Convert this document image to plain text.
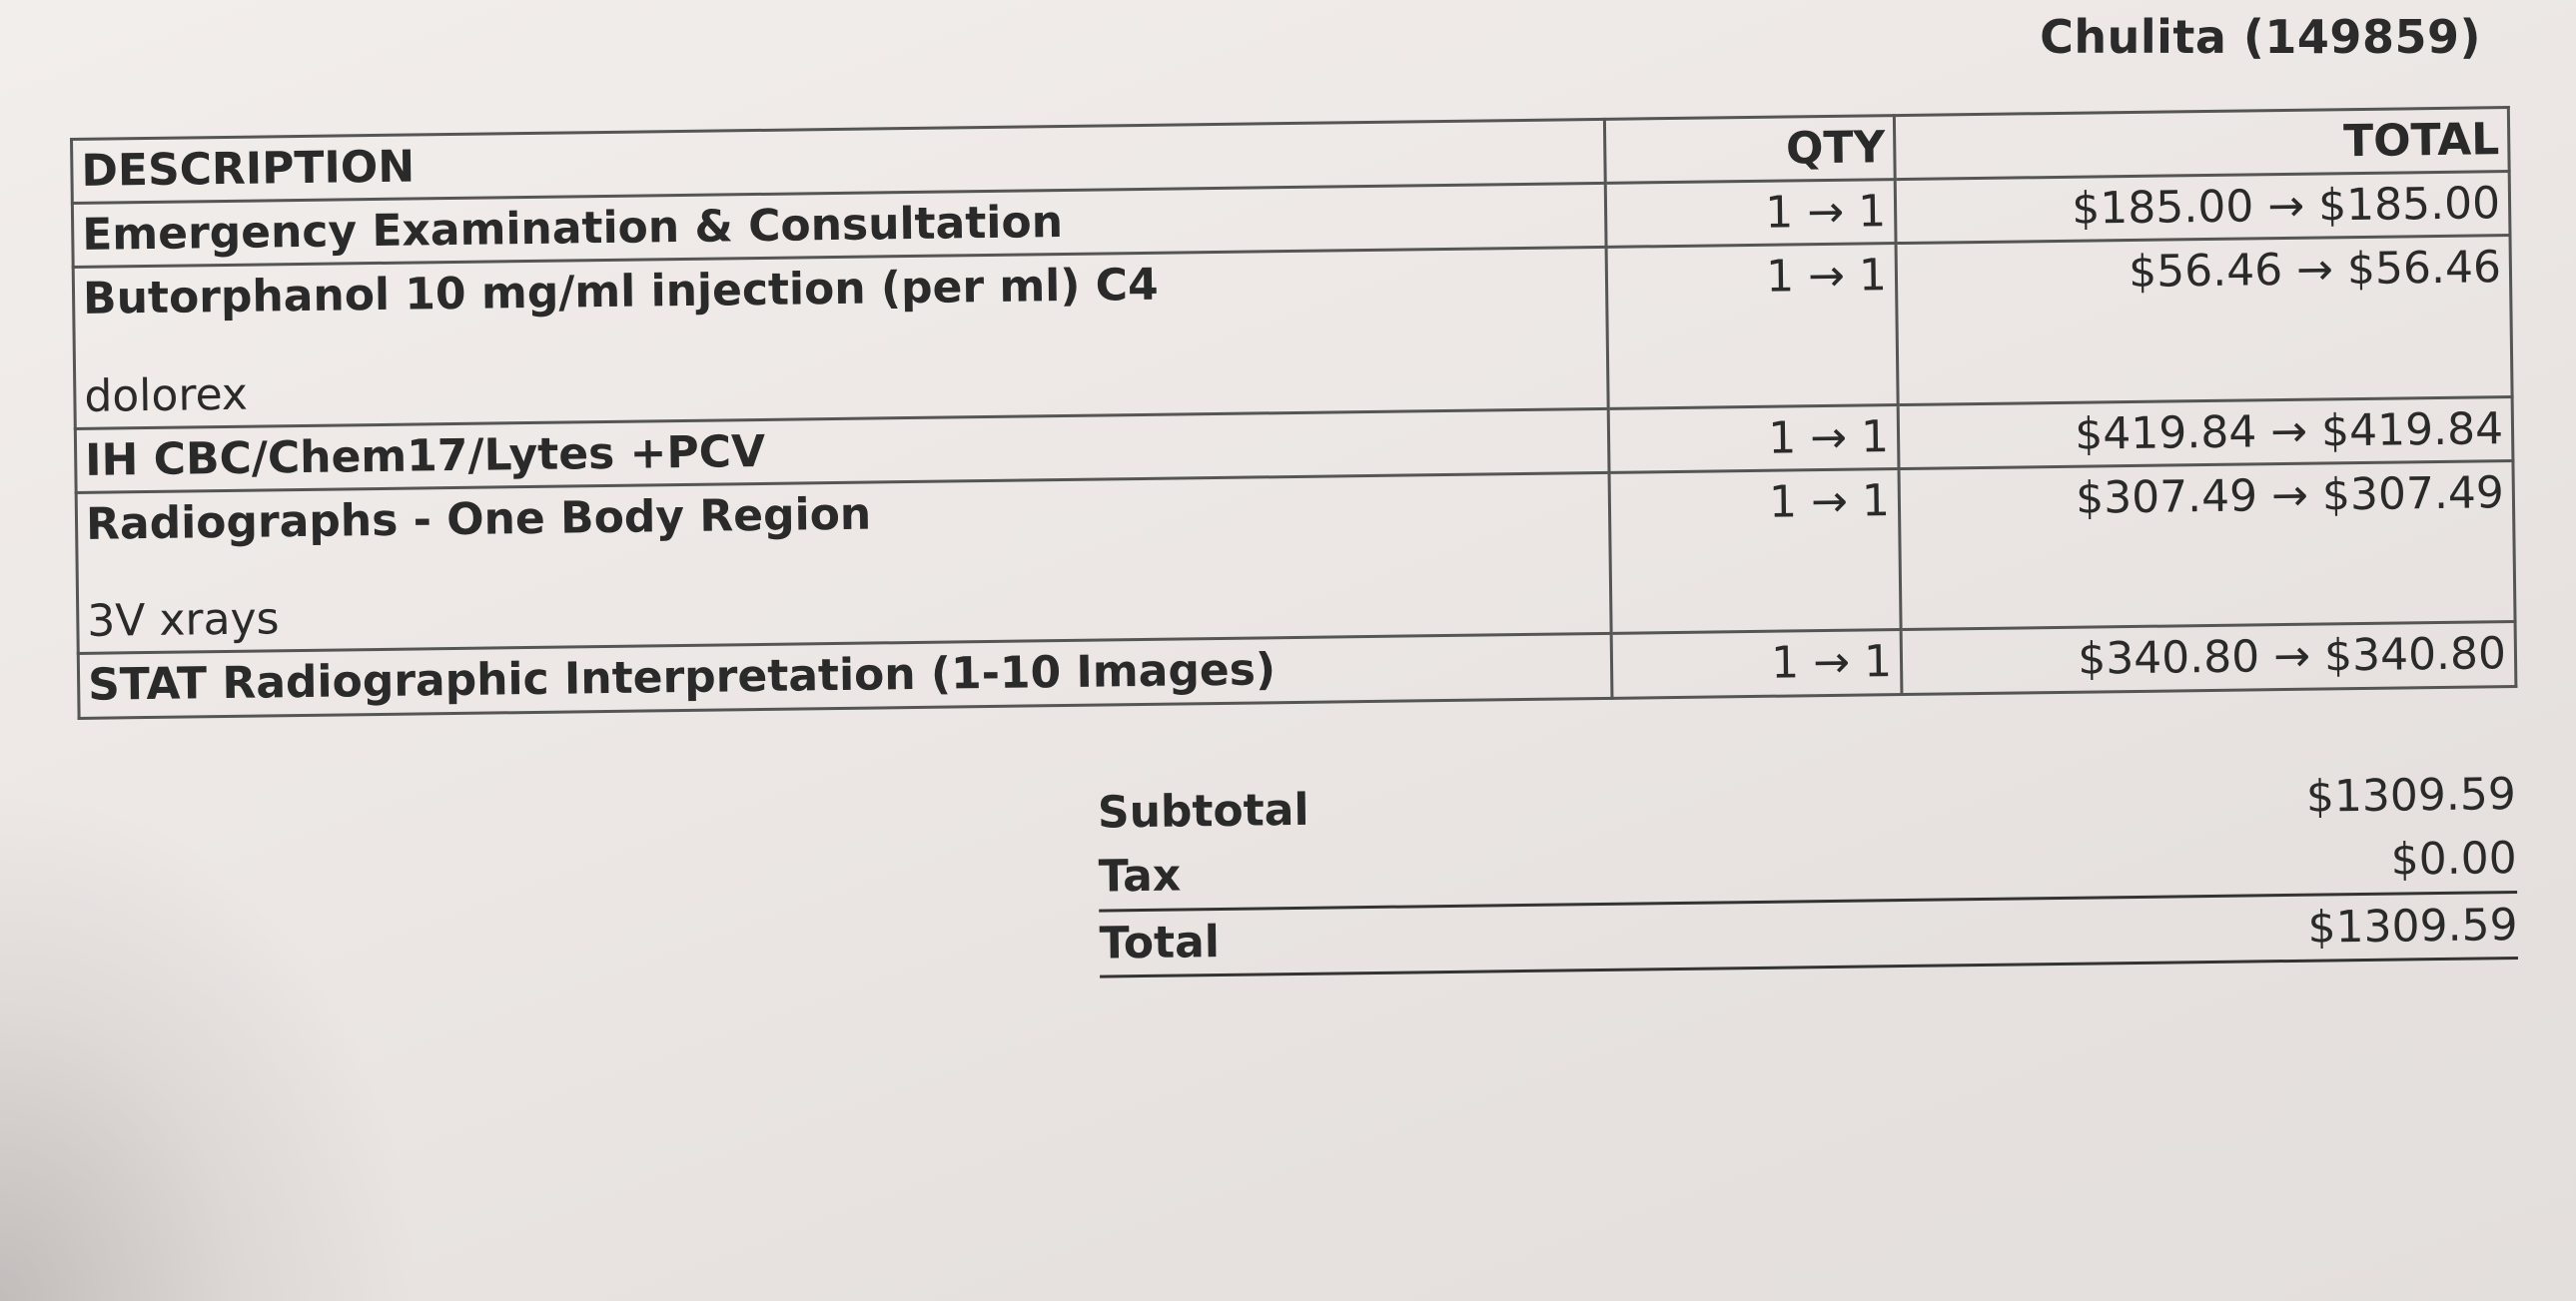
Chulita (149859)
DESCRIPTION	QTY	TOTAL

Emergency Examination & Consultation	1 → 1	$185.00 → $185.00

Butorphanol 10 mg/ml injection (per ml) C4
dolorex	1 → 1	$56.46 → $56.46

IH CBC/Chem17/Lytes +PCV	1 → 1	$419.84 → $419.84

Radiographs - One Body Region
3V xrays	1 → 1	$307.49 → $307.49

STAT Radiographic Interpretation (1-10 Images)	1 → 1	$340.80 → $340.80
Subtotal	$1309.59
Tax	$0.00
Total	$1309.59
